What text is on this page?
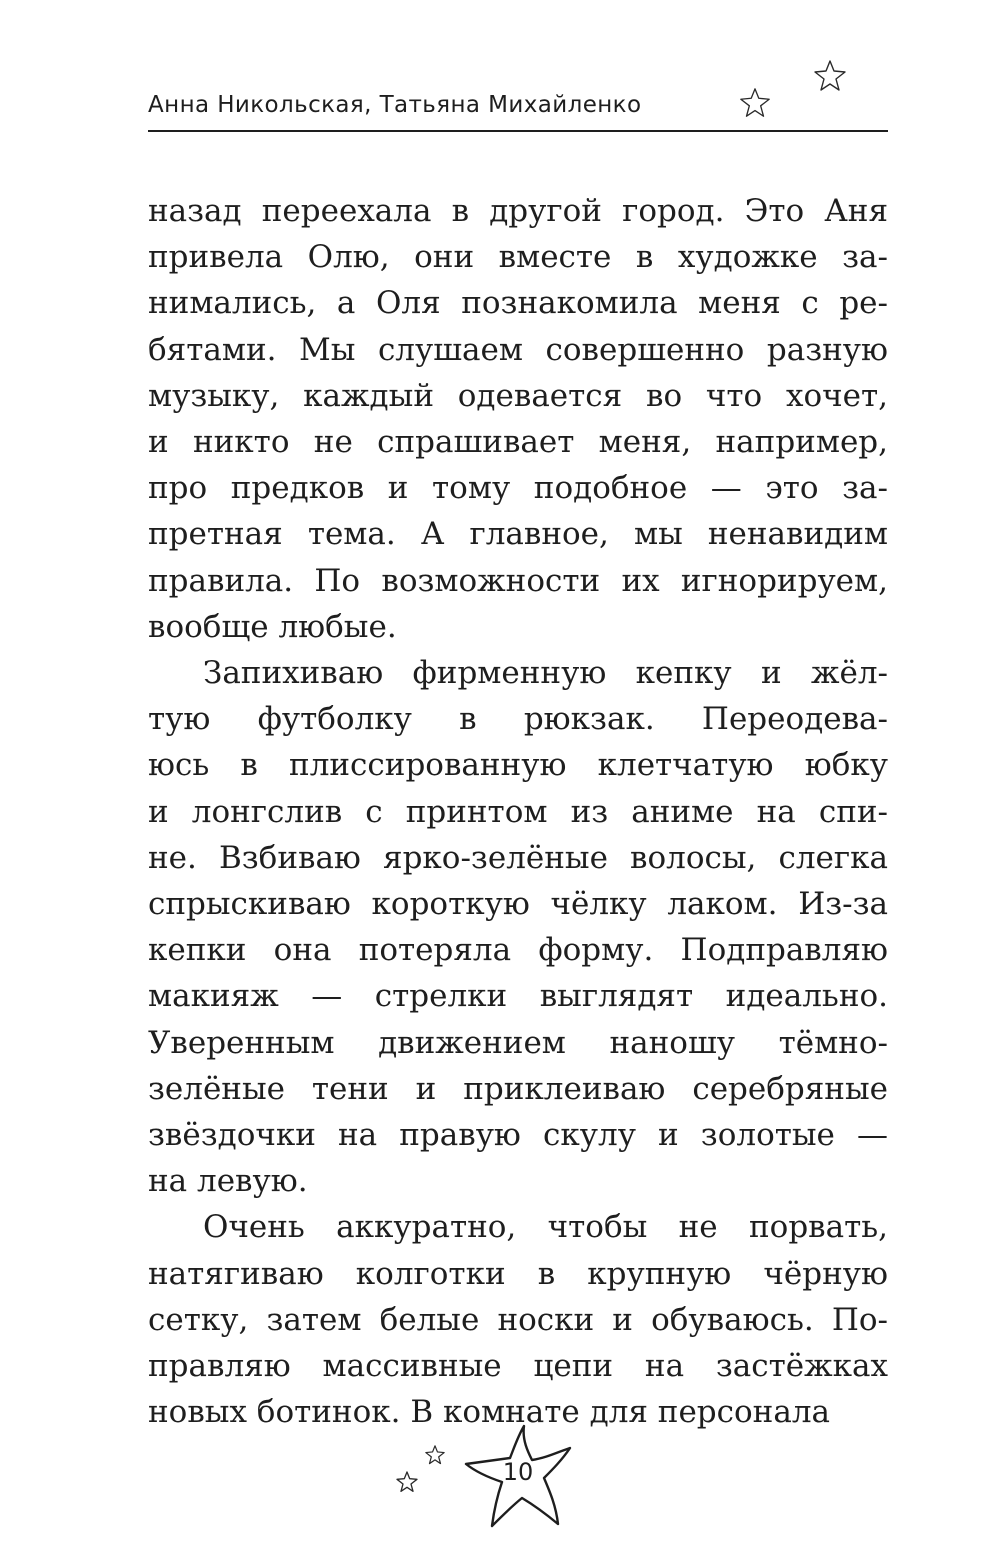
Анна Никольская, Татьяна Михайленко

назад переехала в другой город. Это Аня
привела Олю, они вместе в художке за-
нимались, а Оля познакомила меня с ре-
бятами. Мы слушаем совершенно разную
музыку, каждый одевается во что хочет,
и никто не спрашивает меня, например,
про предков и тому подобное — это за-
претная тема. А главное, мы ненавидим
правила. По возможности их игнорируем,
вообще любые.

Запихиваю фирменную кепку и жёл-
тую футболку в рюкзак. Переодева-
юсь в плиссированную клетчатую юбку
и лонгслив с принтом из аниме на спи-
не. Взбиваю ярко-зелёные волосы, слегка
спрыскиваю короткую чёлку лаком. Из-за
кепки она потеряла форму. Подправляю
макияж — стрелки выглядят идеально.
Уверенным движением наношу тёмно-
зелёные тени и приклеиваю серебряные
звёздочки на правую скулу и золотые —
на левую.

Очень аккуратно, чтобы не порвать,
натягиваю колготки в крупную чёрную
сетку, затем белые носки и обуваюсь. По-
правляю массивные цепи на застёжках
новых ботинок. В комнате для персонала

10
